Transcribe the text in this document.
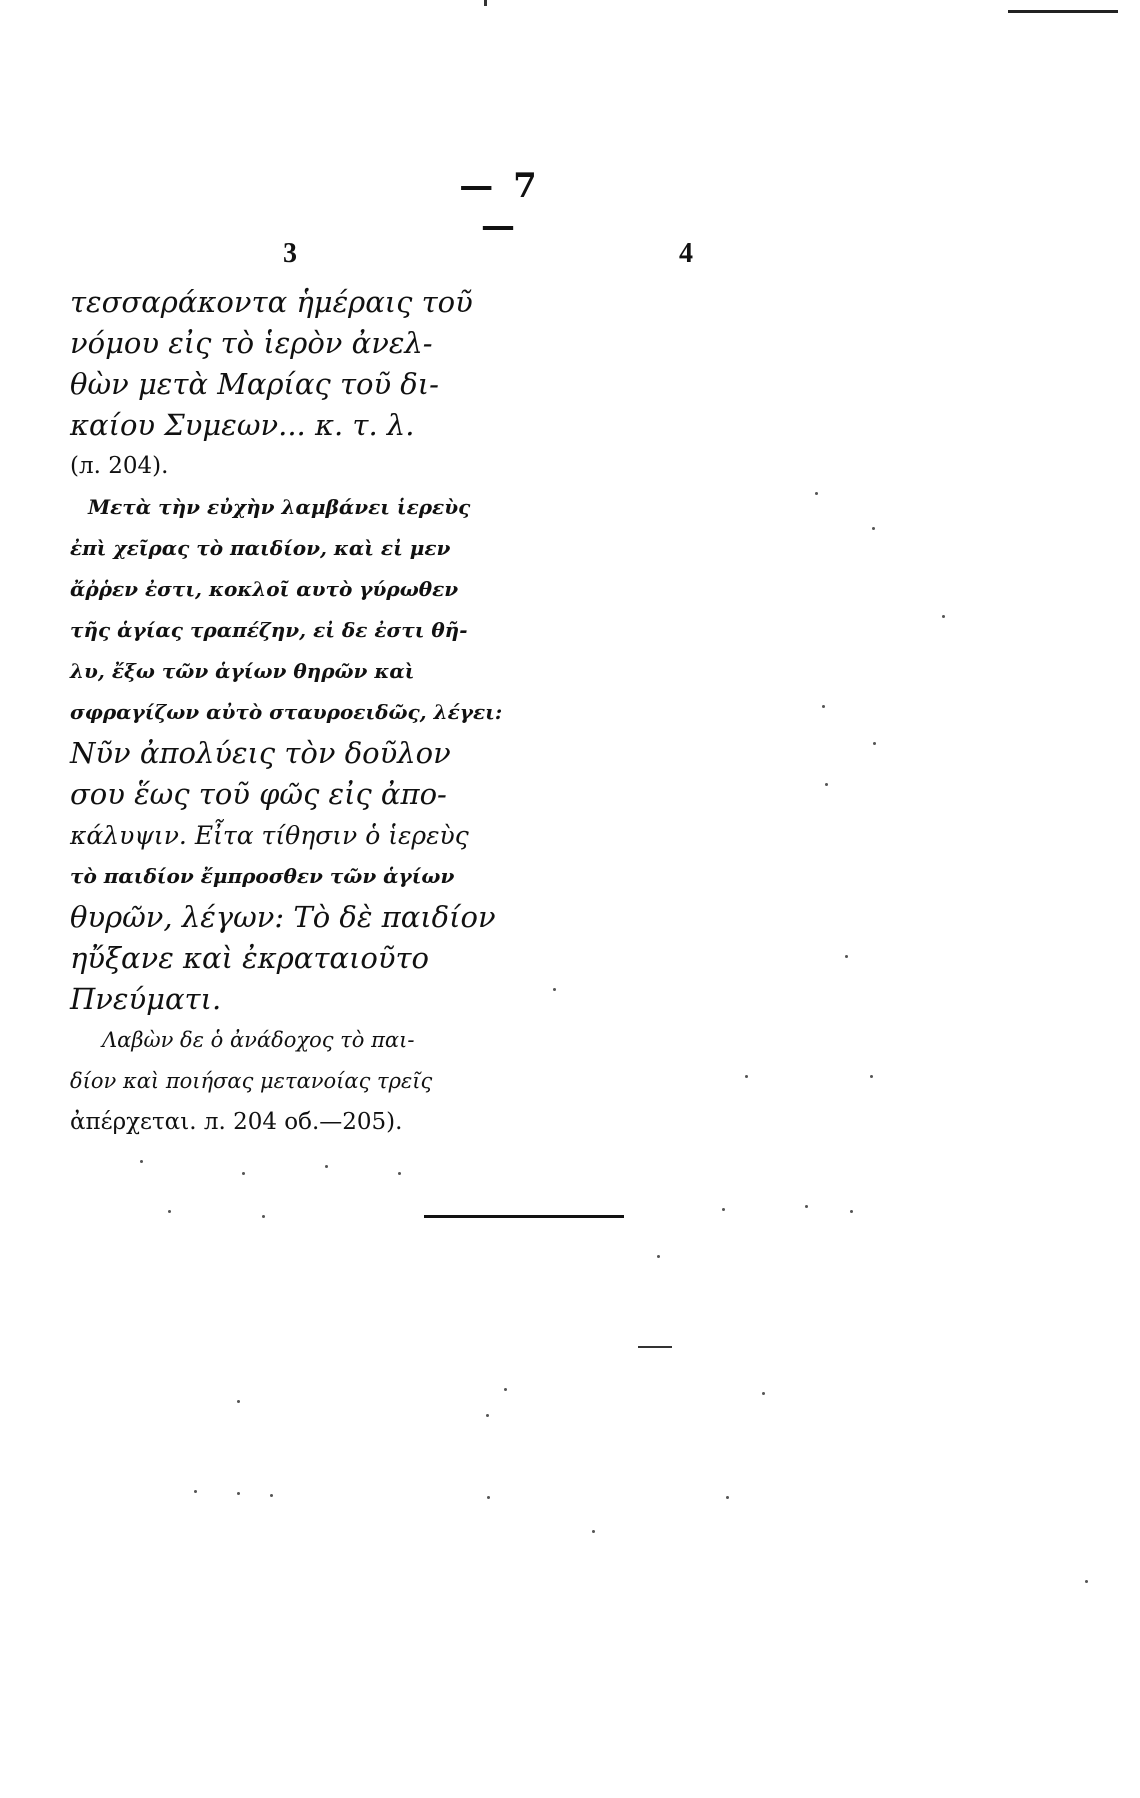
— 7 —
3	4
τεσσαράκοντα ἡμέραις τοῦ
νόμου εἰς τὸ ἱερὸν ἀνελ-
θὼν μετὰ Μαρίας τοῦ δι-
καίου Συμεων... κ. τ. λ.
(л. 204).
Μετὰ τὴν εὐχὴν λαμβάνει ἱερεὺς
ἐπὶ χεῖρας τὸ παιδίον, καὶ εἰ μεν
ἄῤῥεν ἐστι, κοκλοῖ αυτὸ γύρωθεν
τῆς ἁγίας τραπέζην, εἰ δε ἐστι θῆ-
λυ, ἔξω τῶν ἁγίων θηρῶν καὶ
σφραγίζων αὐτὸ σταυροειδῶς, λέγει:
Νῦν ἀπολύεις τὸν δοῦλον
σου ἕως τοῦ φῶς εἰς ἀπο-
κάλυψιν. Εἶτα τίθησιν ὁ ἱερεὺς
τὸ παιδίον ἔμπροσθεν τῶν ἁγίων
θυρῶν, λέγων: Τὸ δὲ παιδίον
ηὔξανε καὶ ἐκραταιοῦτο
Πνεύματι.
Λαβὼν δε ὁ ἀνάδοχος τὸ παι-
δίον καὶ ποιήσας μετανοίας τρεῖς
ἀπέρχεται. л. 204 об.—205).
